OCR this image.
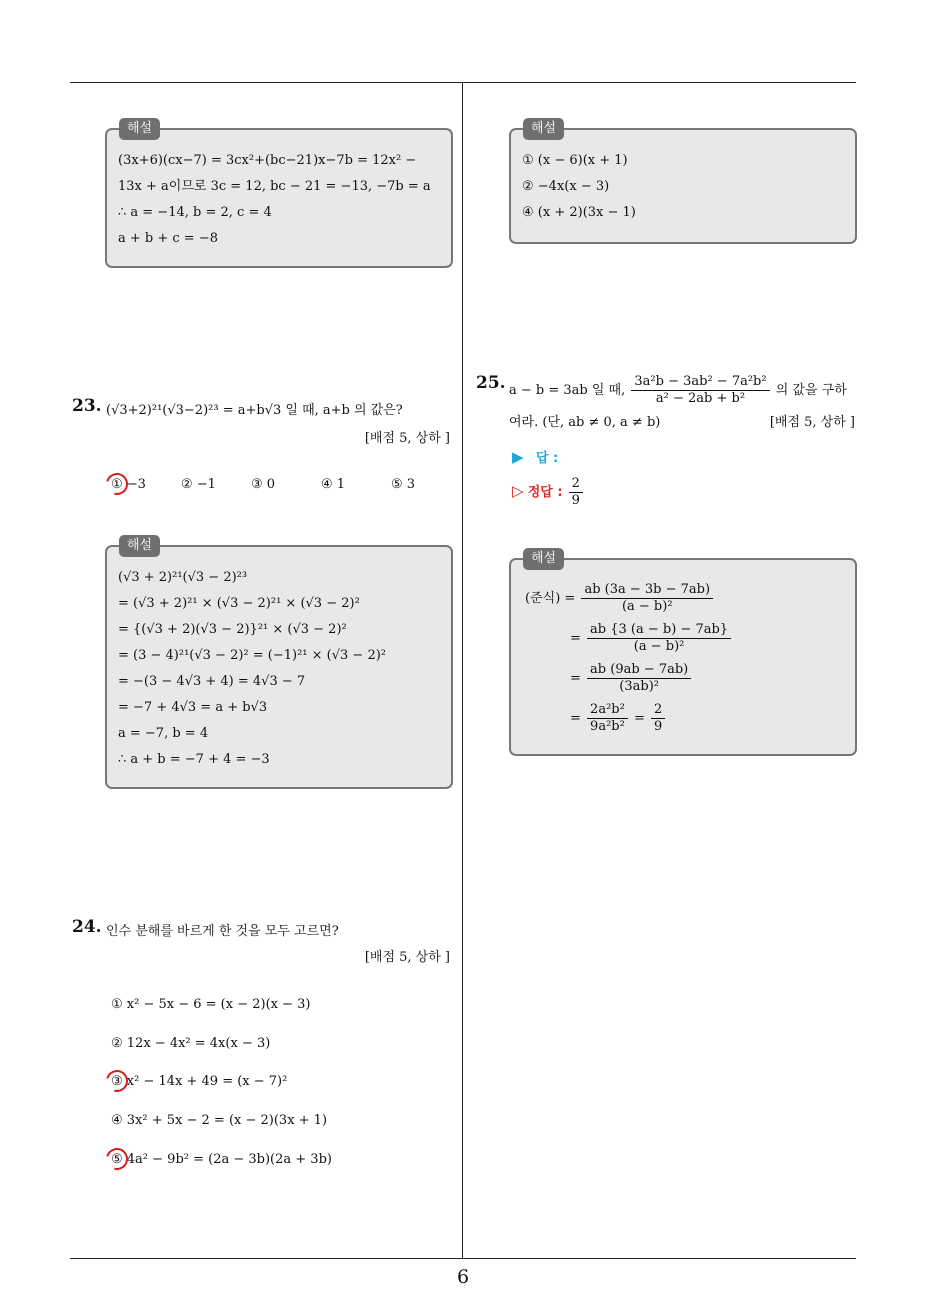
해설
(3x+6)(cx−7) = 3cx²+(bc−21)x−7b = 12x² −
13x + a이므로 3c = 12, bc − 21 = −13, −7b = a
∴ a = −14, b = 2, c = 4
a + b + c = −8
23. (√3+2)²¹(√3−2)²³ = a+b√3 일 때, a+b 의 값은?
[배점 5, 상하 ]
① −3	② −1	③ 0	④ 1	⑤ 3
해설
(√3 + 2)²¹(√3 − 2)²³
= (√3 + 2)²¹ × (√3 − 2)²¹ × (√3 − 2)²
= {(√3 + 2)(√3 − 2)}²¹ × (√3 − 2)²
= (3 − 4)²¹(√3 − 2)² = (−1)²¹ × (√3 − 2)²
= −(3 − 4√3 + 4) = 4√3 − 7
= −7 + 4√3 = a + b√3
a = −7, b = 4
∴ a + b = −7 + 4 = −3
24. 인수 분해를 바르게 한 것을 모두 고르면?
[배점 5, 상하 ]
① x² − 5x − 6 = (x − 2)(x − 3)
② 12x − 4x² = 4x(x − 3)
③ x² − 14x + 49 = (x − 7)²
④ 3x² + 5x − 2 = (x − 2)(3x + 1)
⑤ 4a² − 9b² = (2a − 3b)(2a + 3b)
해설
① (x − 6)(x + 1)
② −4x(x − 3)
④ (x + 2)(3x − 1)
25. a − b = 3ab 일 때, $\frac{\text{3a²b − 3ab² − 7a²b²}}{\text{a² − 2ab + b²}}$ 의 값을 구하
여라. (단, ab ≠ 0, a ≠ b)	[배점 5, 상하 ]
▶ 답 :
▷ 정답 : $\frac{2}{9}$
해설
(준식) = $\frac{ab (3a - 3b - 7ab)}{\text{(a − b)²}}$
= $\frac{ab \{3 (a - b) - 7ab\}}{\text{(a − b)²}}$
= $\frac{ab (9ab - 7ab)}{\text{(3ab)²}}$
= $\frac{\text{2a²b²}}{\text{9a²b²}} = \frac{2}{9}$
6
